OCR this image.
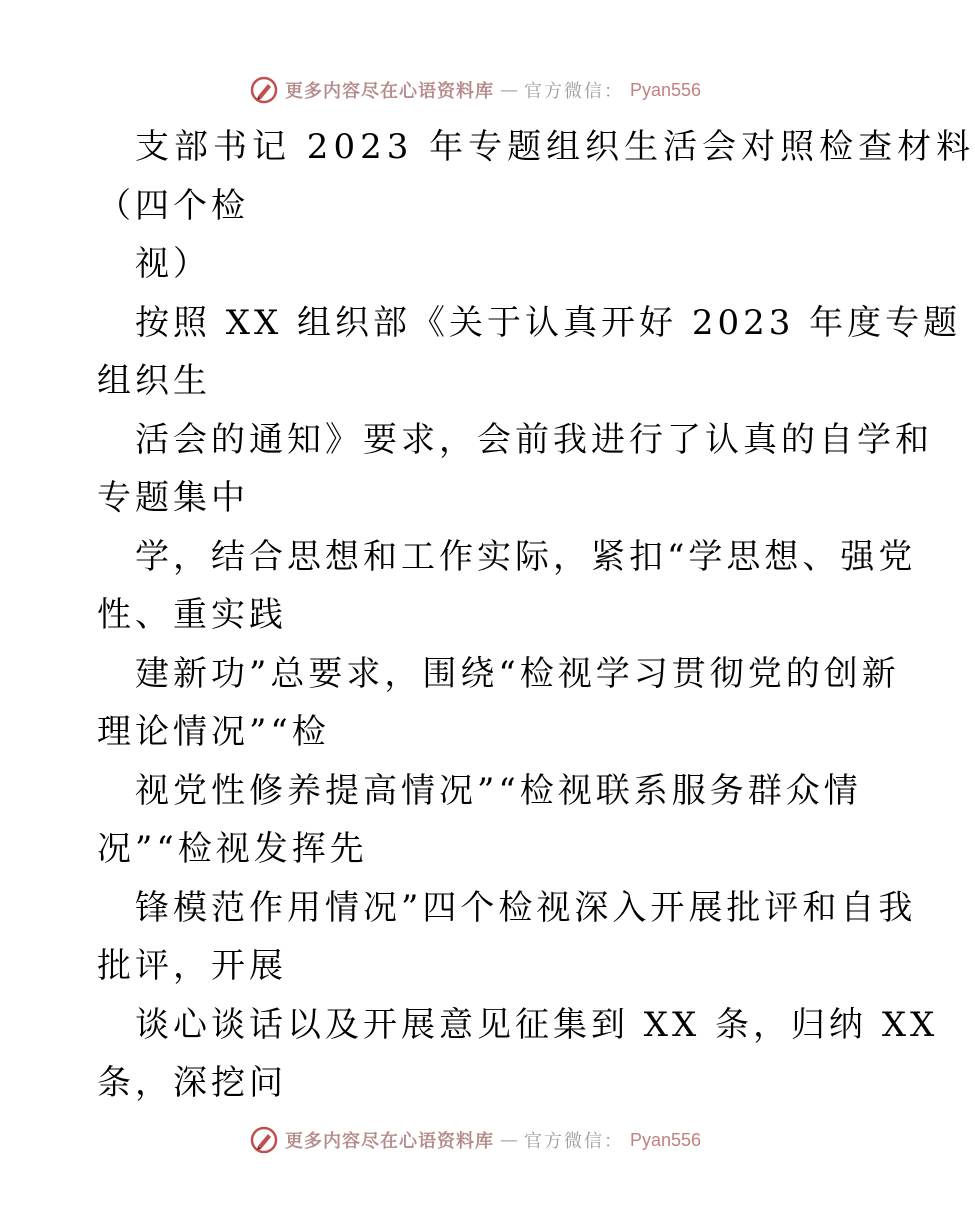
更多内容尽在心语资料库 — 官方微信： Pyan556
支部书记 2023 年专题组织生活会对照检查材料
（四个检
视）
按照 XX 组织部《关于认真开好 2023 年度专题
组织生
活会的通知》要求，会前我进行了认真的自学和
专题集中
学，结合思想和工作实际，紧扣“学思想、强党
性、重实践
建新功”总要求，围绕“检视学习贯彻党的创新
理论情况”“检
视党性修养提高情况”“检视联系服务群众情
况”“检视发挥先
锋模范作用情况”四个检视深入开展批评和自我
批评，开展
谈心谈话以及开展意见征集到 XX 条，归纳 XX
条，深挖问
更多内容尽在心语资料库 — 官方微信： Pyan556
